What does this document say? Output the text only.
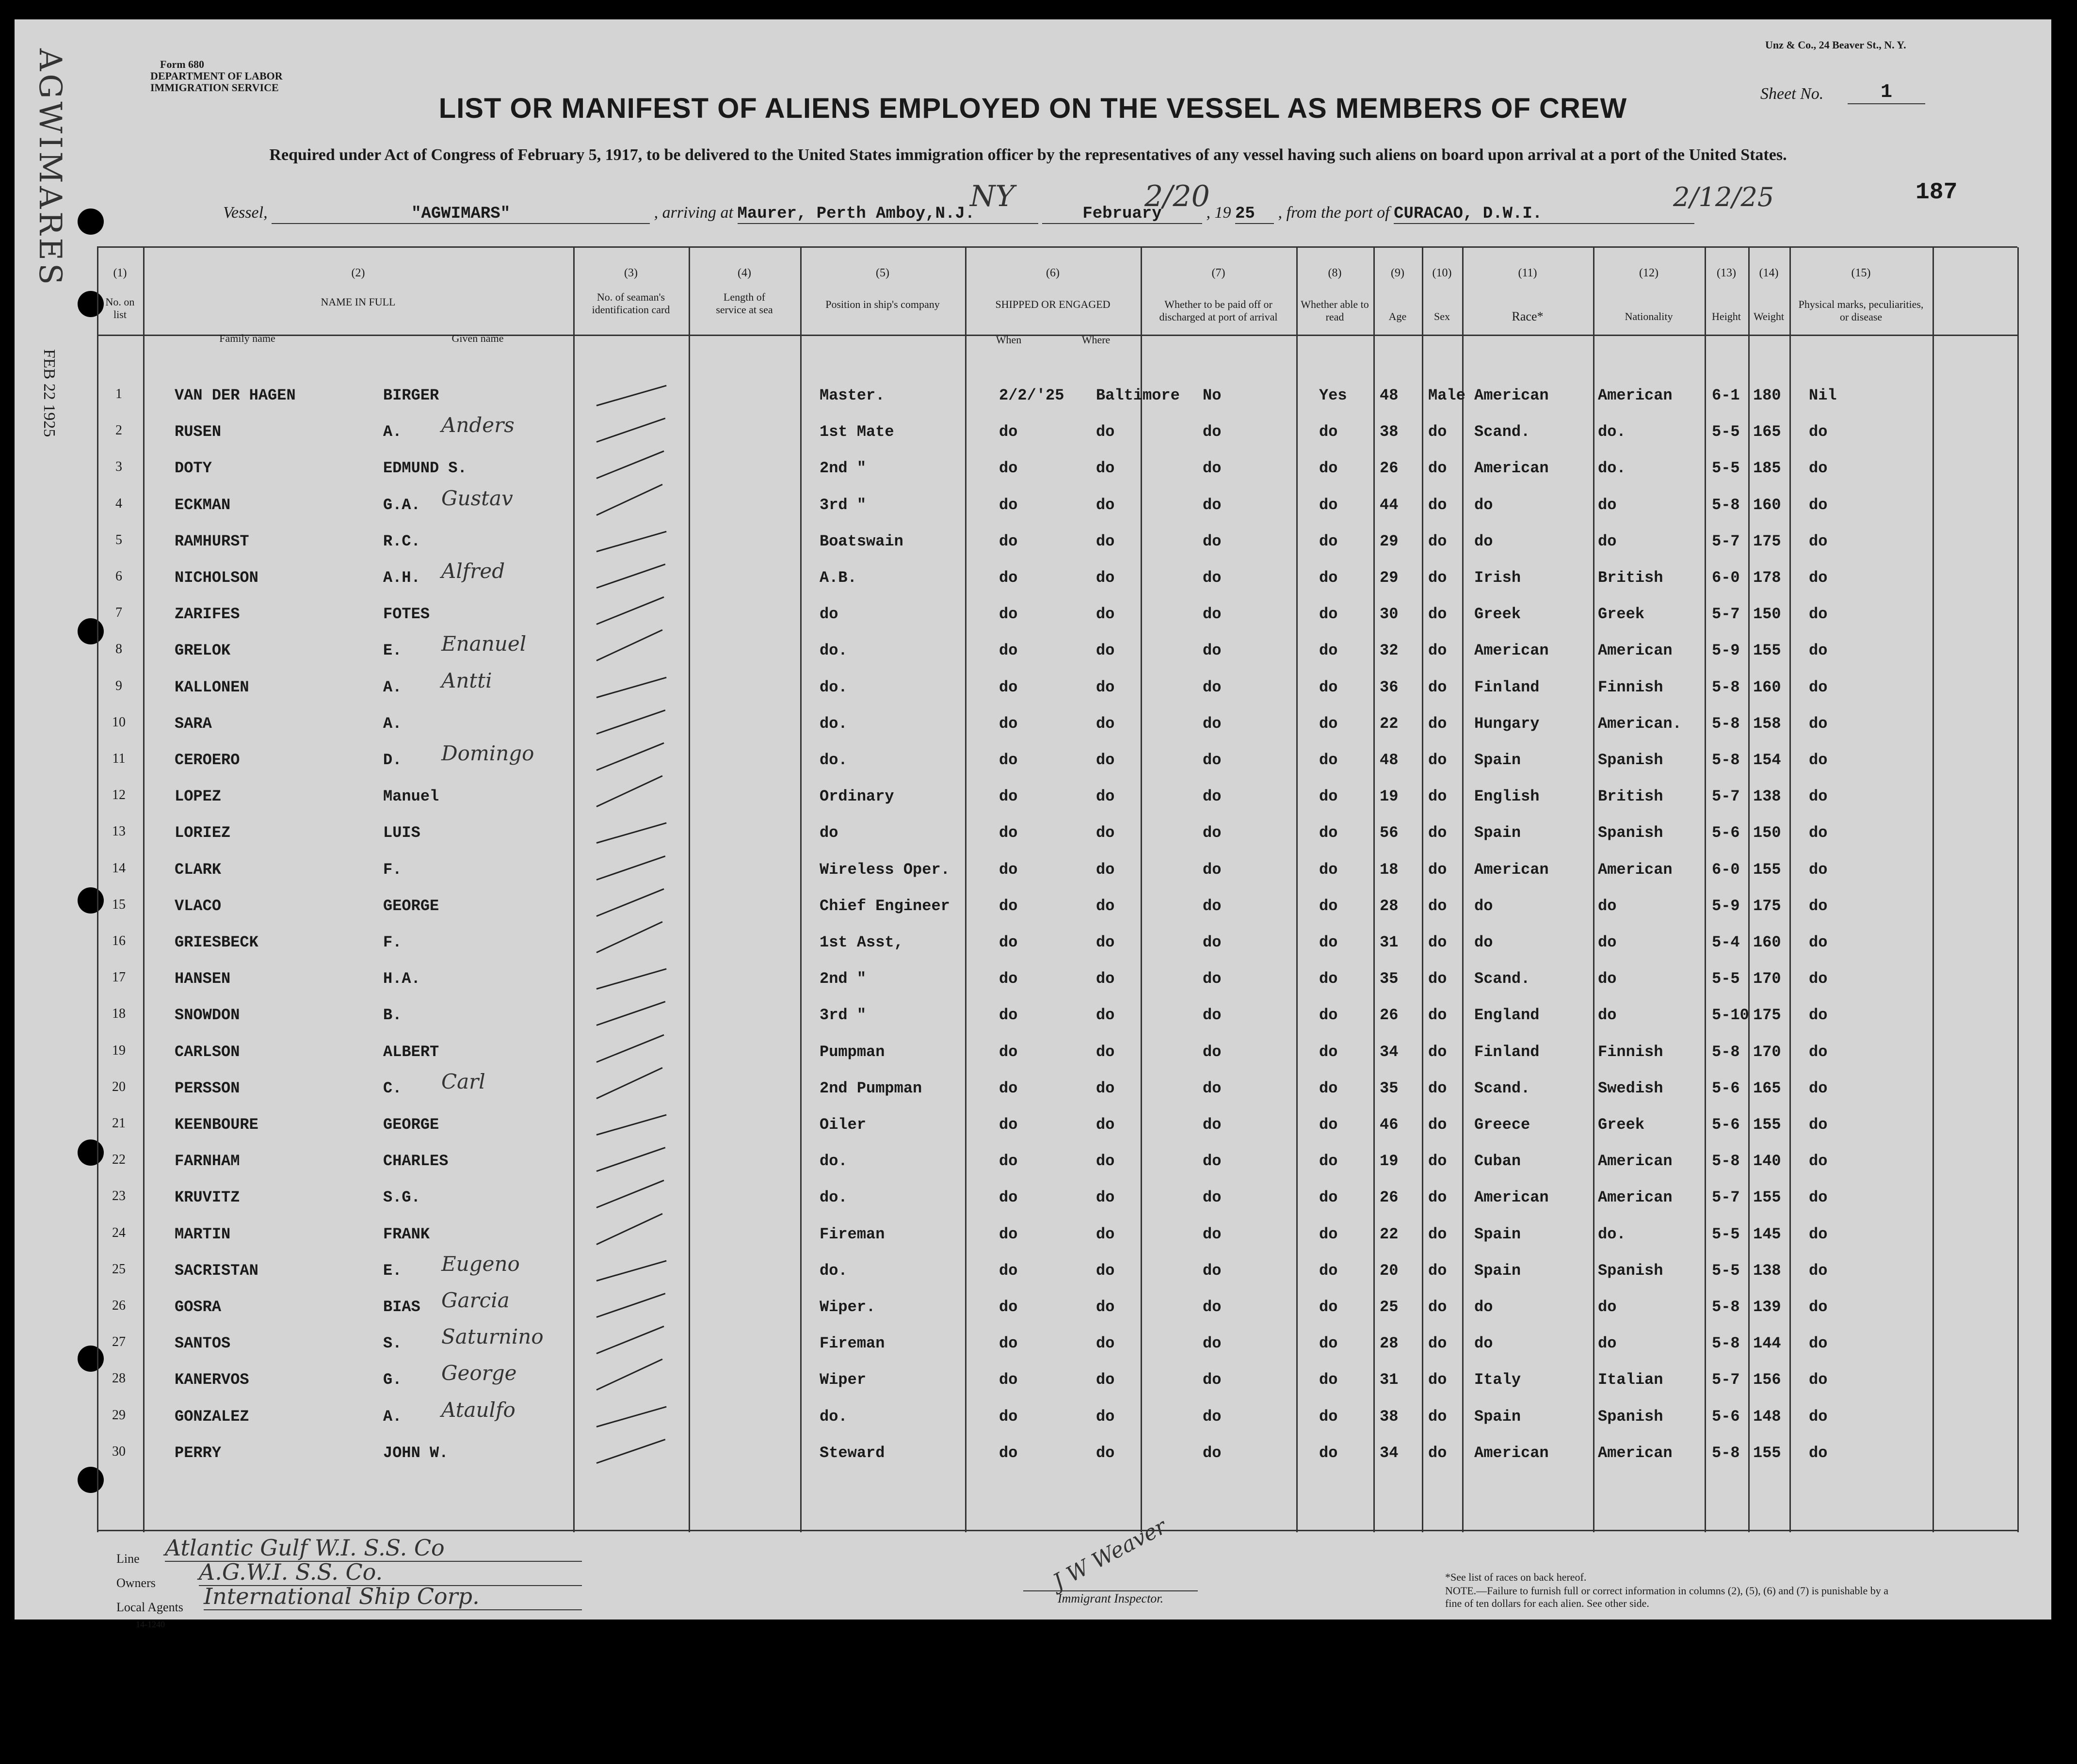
AGWIMARES
FEB 22 1925
Form 680
DEPARTMENT OF LABOR
IMMIGRATION SERVICE
Unz & Co., 24 Beaver St., N. Y.
Sheet No.	1
LIST OR MANIFEST OF ALIENS EMPLOYED ON THE VESSEL AS MEMBERS OF CREW
Required under Act of Congress of February 5, 1917, to be delivered to the United States immigration officer by the representatives of any vessel having such aliens on board upon arrival at a port of the United States.
Vessel,	"AGWIMARS"	, arriving at Maurer, Perth Amboy,N.J.	February	, 19 25 , from the port of CURACAO, D.W.I.
NY	2/20	2/12/25	187
(1)
No. on list
(2)
NAME IN FULL
Family name	Given name
(3)
No. of seaman's identification card
(4)
Length of service at sea
(5)
Position in ship's company
(6)
SHIPPED OR ENGAGED
When	Where
(7)
Whether to be paid off or discharged at port of arrival
(8)
Whether able to read
(9)
Age
(10)
Sex
(11)
Race*
(12)
Nationality
(13)
Height
(14)
Weight
(15)
Physical marks, peculiarities, or disease
1	VAN DER HAGEN	BIRGER	Master.	2/2/'25 Baltimore No	Yes 48 Male American	American	6-1 180 Nil
2	RUSEN	A.	1st Mate	do	do	do	do	38 do Scand.	do.	5-5 165 do
Anders
3	DOTY	EDMUND S.	2nd "	do	do	do	do	26 do American	do.	5-5 185 do
4	ECKMAN	G.A.	3rd "	do	do	do	do	44 do do	do	5-8 160 do
Gustav
5	RAMHURST	R.C.	Boatswain	do	do	do	do	29 do do	do	5-7 175 do
6	NICHOLSON	A.H.	A.B.	do	do	do	do	29 do Irish	British	6-0 178 do
Alfred
7	ZARIFES	FOTES	do	do	do	do	do	30 do Greek	Greek	5-7 150 do
8	GRELOK	E.	do.	do	do	do	do	32 do American	American	5-9 155 do
Enanuel
9	KALLONEN	A.	do.	do	do	do	do	36 do Finland	Finnish	5-8 160 do
Antti
10	SARA	A.	do.	do	do	do	do	22 do Hungary	American. 5-8 158 do
11	CEROERO	D.	do.	do	do	do	do	48 do Spain	Spanish	5-8 154 do
Domingo
12	LOPEZ	Manuel	Ordinary	do	do	do	do	19 do English	British	5-7 138 do
13	LORIEZ	LUIS	do	do	do	do	do	56 do Spain	Spanish	5-6 150 do
14	CLARK	F.	Wireless Oper.	do	do	do	do	18 do American	American	6-0 155 do
15	VLACO	GEORGE	Chief Engineer	do	do	do	do	28 do do	do	5-9 175 do
16	GRIESBECK	F.	1st Asst,	do	do	do	do	31 do do	do	5-4 160 do
17	HANSEN	H.A.	2nd "	do	do	do	do	35 do Scand.	do	5-5 170 do
18	SNOWDON	B.	3rd "	do	do	do	do	26 do England	do	5-10 175 do
19	CARLSON	ALBERT	Pumpman	do	do	do	do	34 do Finland	Finnish	5-8 170 do
20	PERSSON	C.	2nd Pumpman	do	do	do	do	35 do Scand.	Swedish	5-6 165 do
Carl
21	KEENBOURE	GEORGE	Oiler	do	do	do	do	46 do Greece	Greek	5-6 155 do
22	FARNHAM	CHARLES	do.	do	do	do	do	19 do Cuban	American	5-8 140 do
23	KRUVITZ	S.G.	do.	do	do	do	do	26 do American	American	5-7 155 do
24	MARTIN	FRANK	Fireman	do	do	do	do	22 do Spain	do.	5-5 145 do
25	SACRISTAN	E.	do.	do	do	do	do	20 do Spain	Spanish	5-5 138 do
Eugeno
26	GOSRA	BIAS	Wiper.	do	do	do	do	25 do do	do	5-8 139 do
Garcia
27	SANTOS	S.	Fireman	do	do	do	do	28 do do	do	5-8 144 do
Saturnino
28	KANERVOS	G.	Wiper	do	do	do	do	31 do Italy	Italian	5-7 156 do
George
29	GONZALEZ	A.	do.	do	do	do	do	38 do Spain	Spanish	5-6 148 do
Ataulfo
30	PERRY	JOHN W.	Steward	do	do	do	do	34 do American	American	5-8 155 do
Line Atlantic Gulf W.I. S.S. Co
Owners A.G.W.I. S.S. Co.
Local Agents International Ship Corp.
14-1240
J W Weaver
Immigrant Inspector.
*See list of races on back hereof.
NOTE.—Failure to furnish full or correct information in columns (2), (5), (6) and (7) is punishable by a fine of ten dollars for each alien. See other side.
